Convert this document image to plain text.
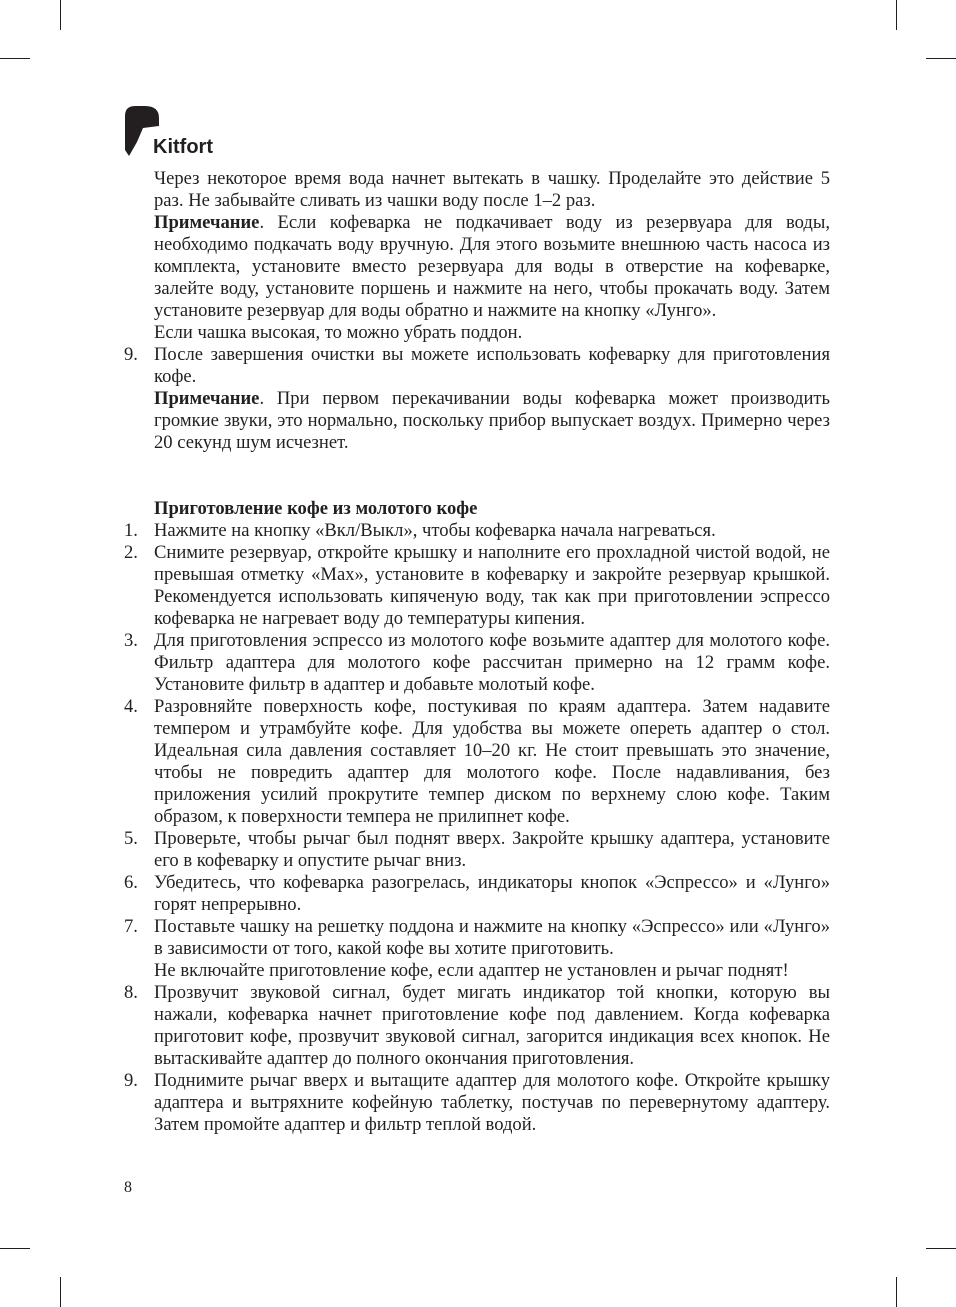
Kitfort
Через некоторое время вода начнет вытекать в чашку. Проделайте это действие 5 раз. Не забывайте сливать из чашки воду после 1–2 раз.
Примечание. Если кофеварка не подкачивает воду из резервуара для воды, необходимо подкачать воду вручную. Для этого возьмите внешнюю часть насоса из комплекта, установите вместо резервуара для воды в отверстие на кофеварке, залейте воду, установите поршень и нажмите на него, чтобы прокачать воду. Затем установите резервуар для воды обратно и нажмите на кнопку «Лунго».
Если чашка высокая, то можно убрать поддон.
9. После завершения очистки вы можете использовать кофеварку для приготовления кофе.
Примечание. При первом перекачивании воды кофеварка может производить громкие звуки, это нормально, поскольку прибор выпускает воздух. Примерно через 20 секунд шум исчезнет.
Приготовление кофе из молотого кофе
1. Нажмите на кнопку «Вкл/Выкл», чтобы кофеварка начала нагреваться.
2. Снимите резервуар, откройте крышку и наполните его прохладной чистой водой, не превышая отметку «Max», установите в кофеварку и закройте резервуар крышкой. Рекомендуется использовать кипяченую воду, так как при приготовлении эспрессо кофеварка не нагревает воду до температуры кипения.
3. Для приготовления эспрессо из молотого кофе возьмите адаптер для молотого кофе. Фильтр адаптера для молотого кофе рассчитан примерно на 12 грамм кофе. Установите фильтр в адаптер и добавьте молотый кофе.
4. Разровняйте поверхность кофе, постукивая по краям адаптера. Затем надавите темпером и утрамбуйте кофе. Для удобства вы можете опереть адаптер о стол. Идеальная сила давления составляет 10–20 кг. Не стоит превышать это значение, чтобы не повредить адаптер для молотого кофе. После надавливания, без приложения усилий прокрутите темпер диском по верхнему слою кофе. Таким образом, к поверхности темпера не прилипнет кофе.
5. Проверьте, чтобы рычаг был поднят вверх. Закройте крышку адаптера, установите его в кофеварку и опустите рычаг вниз.
6. Убедитесь, что кофеварка разогрелась, индикаторы кнопок «Эспрессо» и «Лунго» горят непрерывно.
7. Поставьте чашку на решетку поддона и нажмите на кнопку «Эспрессо» или «Лунго» в зависимости от того, какой кофе вы хотите приготовить.
Не включайте приготовление кофе, если адаптер не установлен и рычаг поднят!
8. Прозвучит звуковой сигнал, будет мигать индикатор той кнопки, которую вы нажали, кофеварка начнет приготовление кофе под давлением. Когда кофеварка приготовит кофе, прозвучит звуковой сигнал, загорится индикация всех кнопок. Не вытаскивайте адаптер до полного окончания приготовления.
9. Поднимите рычаг вверх и вытащите адаптер для молотого кофе. Откройте крышку адаптера и вытряхните кофейную таблетку, постучав по перевернутому адаптеру. Затем промойте адаптер и фильтр теплой водой.
8
